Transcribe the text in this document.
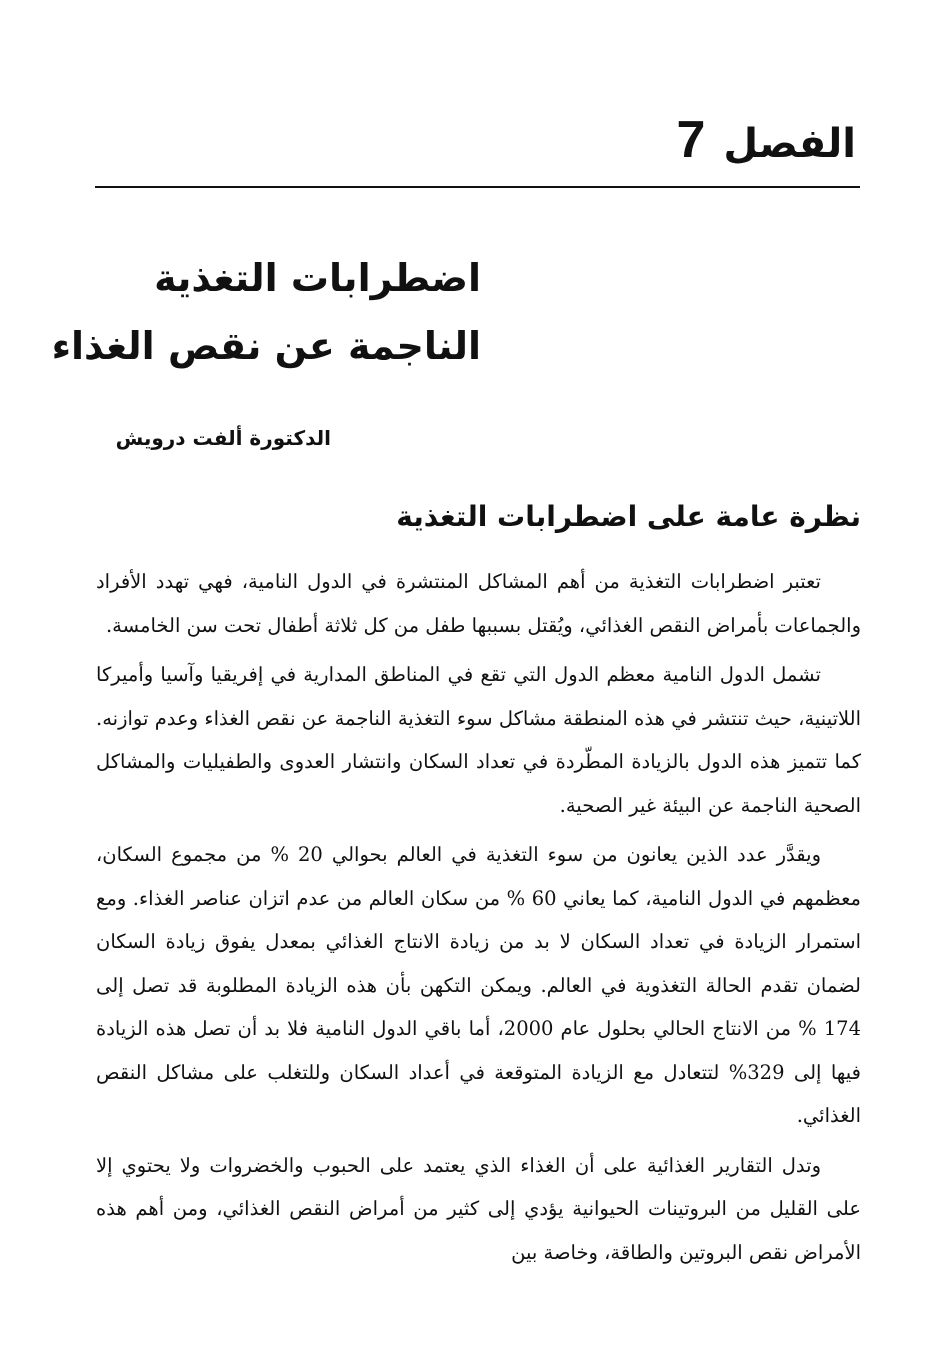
الفصل
7
اضطرابات التغذية
الناجمة عن نقص الغذاء
الدكتورة ألفت درويش
نظرة عامة على اضطرابات التغذية

تعتبر اضطرابات التغذية من أهم المشاكل المنتشرة في الدول النامية، فهي تهدد الأفراد والجماعات بأمراض النقص الغذائي، ويُقتل بسببها طفل من كل ثلاثة أطفال تحت سن الخامسة.

تشمل الدول النامية معظم الدول التي تقع في المناطق المدارية في إفريقيا وآسيا وأميركا اللاتينية، حيث تنتشر في هذه المنطقة مشاكل سوء التغذية الناجمة عن نقص الغذاء وعدم توازنه. كما تتميز هذه الدول بالزيادة المطّردة في تعداد السكان وانتشار العدوى والطفيليات والمشاكل الصحية الناجمة عن البيئة غير الصحية.

ويقدَّر عدد الذين يعانون من سوء التغذية في العالم بحوالي 20 % من مجموع السكان، معظمهم في الدول النامية، كما يعاني 60 % من سكان العالم من عدم اتزان عناصر الغذاء. ومع استمرار الزيادة في تعداد السكان لا بد من زيادة الانتاج الغذائي بمعدل يفوق زيادة السكان لضمان تقدم الحالة التغذوية في العالم. ويمكن التكهن بأن هذه الزيادة المطلوبة قد تصل إلى 174 % من الانتاج الحالي بحلول عام 2000، أما باقي الدول النامية فلا بد أن تصل هذه الزيادة فيها إلى 329% لتتعادل مع الزيادة المتوقعة في أعداد السكان وللتغلب على مشاكل النقص الغذائي.

وتدل التقارير الغذائية على أن الغذاء الذي يعتمد على الحبوب والخضروات ولا يحتوي إلا على القليل من البروتينات الحيوانية يؤدي إلى كثير من أمراض النقص الغذائي، ومن أهم هذه الأمراض نقص البروتين والطاقة، وخاصة بين
